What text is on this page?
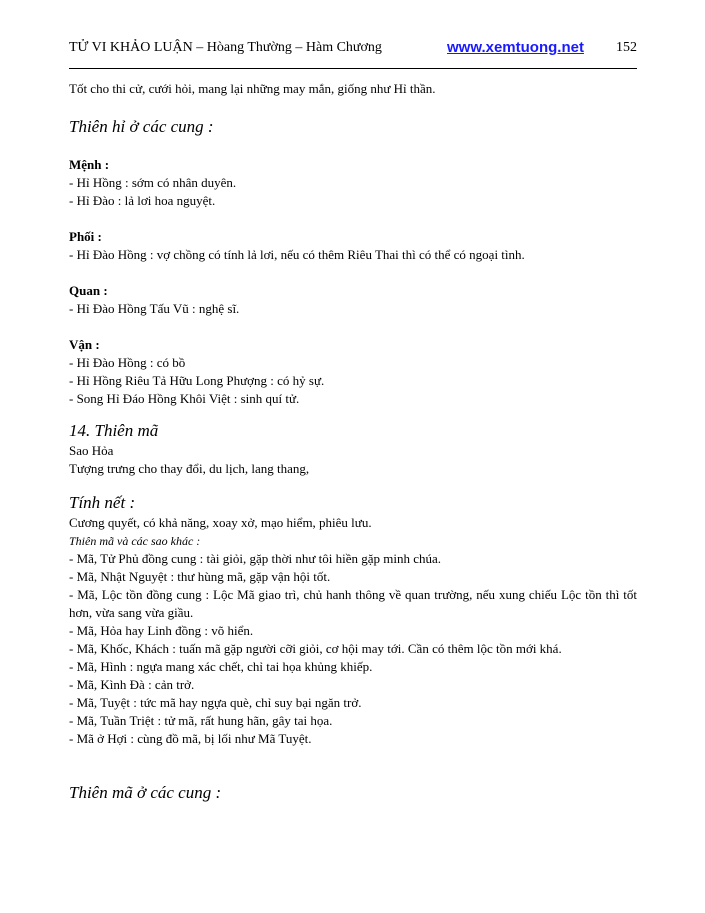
TỬ VI KHẢO LUẬN – Hòang Thường – Hàm Chương	www.xemtuong.net 152

Tốt cho thi cử, cưới hỏi, mang lại những may mắn, giống như Hỉ thần.

Thiên hỉ ở các cung :

Mệnh :

- Hỉ Hồng : sớm có nhân duyên.

- Hỉ Đào : lả lơi hoa nguyệt.

Phối :

- Hỉ Đào Hồng : vợ chồng có tính lả lơi, nếu có thêm Riêu Thai thì có thể có ngoại tình.

Quan :

- Hỉ Đào Hồng Tấu Vũ : nghệ sĩ.

Vận :

- Hỉ Đào Hồng : có bồ

- Hỉ Hồng Riêu Tả Hữu Long Phượng : có hỷ sự.

- Song Hỉ Đáo Hồng Khôi Việt : sinh quí tử.

14. Thiên mã

Sao Hỏa

Tượng trưng cho thay đổi, du lịch, lang thang,

Tính nết :

Cương quyết, có khả năng, xoay xở, mạo hiểm, phiêu lưu.

Thiên mã và các sao khác :

- Mã, Tử Phủ đồng cung : tài giỏi, gặp thời như tôi hiền gặp minh chúa.

- Mã, Nhật Nguyệt : thư hùng mã, gặp vận hội tốt.

- Mã, Lộc tồn đồng cung : Lộc Mã giao trì, chủ hanh thông về quan trường, nếu xung chiếu Lộc tồn thì tốt hơn, vừa sang vừa giầu.

- Mã, Hỏa hay Linh đồng : võ hiển.

- Mã, Khốc, Khách : tuấn mã gặp người cỡi giỏi, cơ hội may tới. Cần có thêm lộc tồn mới khá.

- Mã, Hình : ngựa mang xác chết, chỉ tai họa khủng khiếp.

- Mã, Kình Đà : cản trở.

- Mã, Tuyệt : tức mã hay ngựa què, chỉ suy bại ngăn trở.

- Mã, Tuần Triệt : tử mã, rất hung hãn, gây tai họa.

- Mã ở Hợi : cùng đồ mã, bị lối như Mã Tuyệt.

Thiên mã ở các cung :
